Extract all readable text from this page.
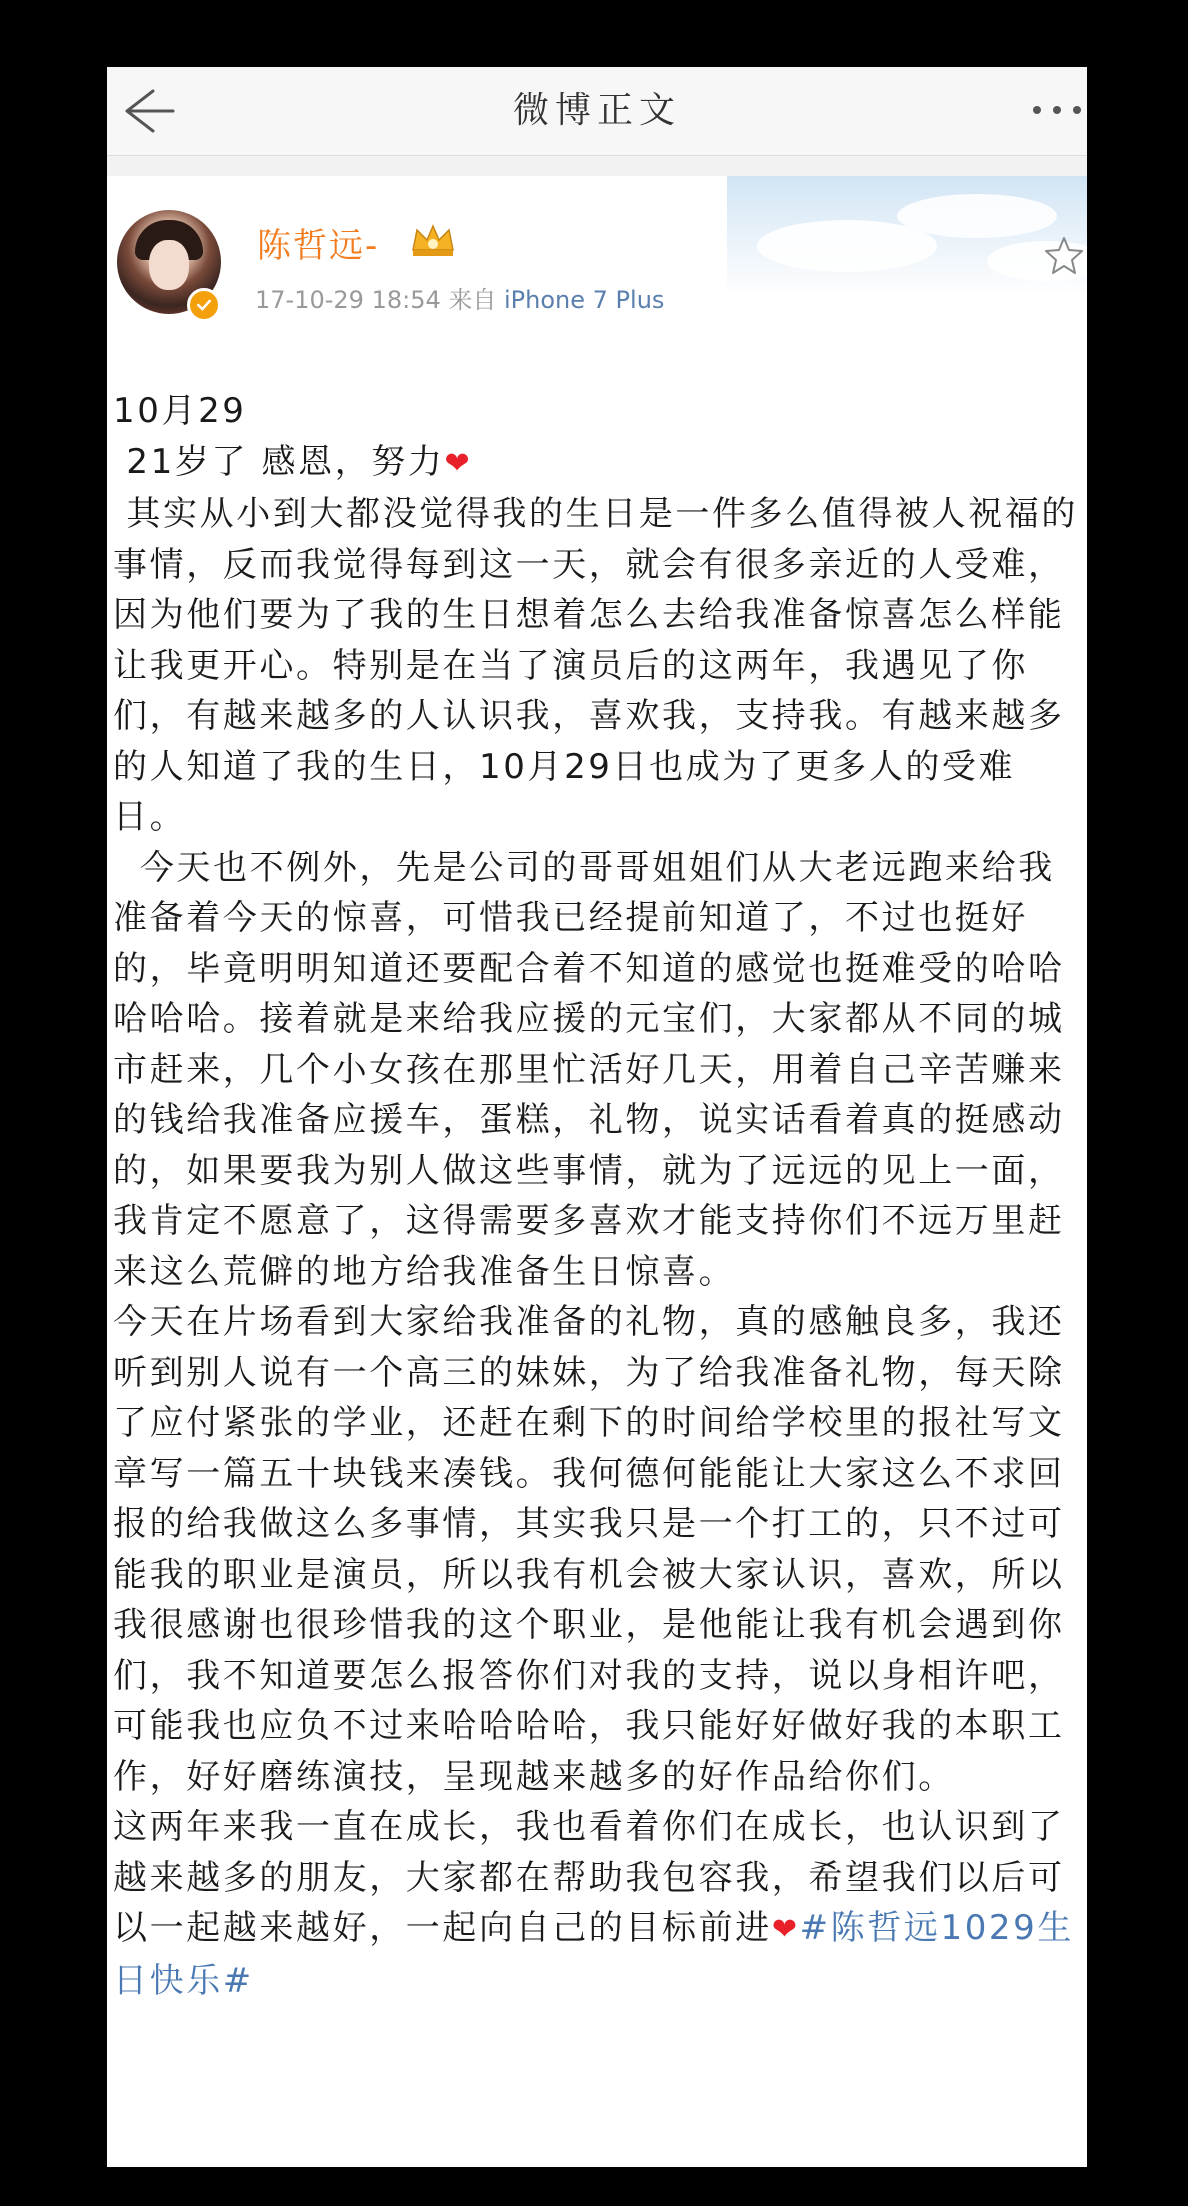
微博正文
陈哲远-
17-10-29 18:54 来自 iPhone 7 Plus

10月29

21岁了 感恩，努力❤

其实从小到大都没觉得我的生日是一件多么值得被人祝福的事情，反而我觉得每到这一天，就会有很多亲近的人受难，因为他们要为了我的生日想着怎么去给我准备惊喜怎么样能让我更开心。特别是在当了演员后的这两年，我遇见了你们，有越来越多的人认识我，喜欢我，支持我。有越来越多的人知道了我的生日，10月29日也成为了更多人的受难日。

今天也不例外，先是公司的哥哥姐姐们从大老远跑来给我准备着今天的惊喜，可惜我已经提前知道了，不过也挺好的，毕竟明明知道还要配合着不知道的感觉也挺难受的哈哈哈哈哈。接着就是来给我应援的元宝们，大家都从不同的城市赶来，几个小女孩在那里忙活好几天，用着自己辛苦赚来的钱给我准备应援车，蛋糕，礼物，说实话看着真的挺感动的，如果要我为别人做这些事情，就为了远远的见上一面，我肯定不愿意了，这得需要多喜欢才能支持你们不远万里赶来这么荒僻的地方给我准备生日惊喜。

今天在片场看到大家给我准备的礼物，真的感触良多，我还听到别人说有一个高三的妹妹，为了给我准备礼物，每天除了应付紧张的学业，还赶在剩下的时间给学校里的报社写文章写一篇五十块钱来凑钱。我何德何能能让大家这么不求回报的给我做这么多事情，其实我只是一个打工的，只不过可能我的职业是演员，所以我有机会被大家认识，喜欢，所以我很感谢也很珍惜我的这个职业，是他能让我有机会遇到你们，我不知道要怎么报答你们对我的支持，说以身相许吧，可能我也应负不过来哈哈哈哈，我只能好好做好我的本职工作，好好磨练演技，呈现越来越多的好作品给你们。

这两年来我一直在成长，我也看着你们在成长，也认识到了越来越多的朋友，大家都在帮助我包容我，希望我们以后可以一起越来越好，一起向自己的目标前进❤#陈哲远1029生日快乐#
